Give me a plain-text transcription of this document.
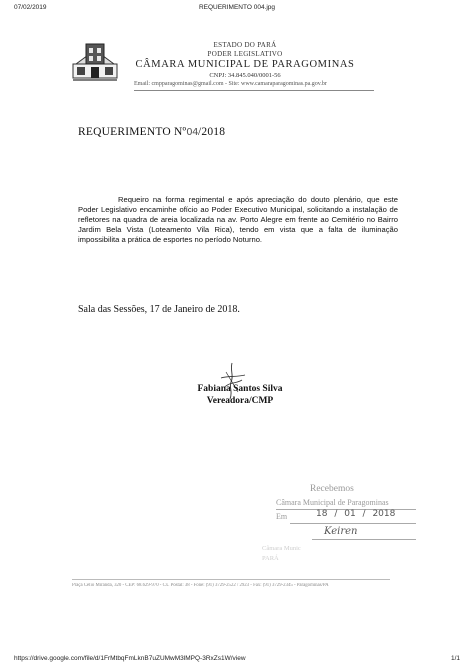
07/02/2019	REQUERIMENTO 004.jpg
ESTADO DO PARÁ
PODER LEGISLATIVO
CÂMARA MUNICIPAL DE PARAGOMINAS
CNPJ: 34.845.040/0001-56
Email: cmpparagominas@gmail.com - Site: www.camaraparagominas.pa.gov.br
REQUERIMENTO Nº04/2018

Requeiro na forma regimental e após apreciação do douto plenário, que este Poder Legislativo encaminhe ofício ao Poder Executivo Municipal, solicitando a instalação de refletores na quadra de areia localizada na av. Porto Alegre em frente ao Cemitério no Bairro Jardim Bela Vista (Loteamento Vila Rica), tendo em vista que a falta de iluminação impossibilita a prática de esportes no período Noturno.

Sala das Sessões, 17 de Janeiro de 2018.
Fabiana Santos Silva
Vereadora/CMP
Recebemos
Câmara Municipal de Paragominas
Em	18 / 01 / 2018
Keiren
Câmara Munic
PARÁ
Praça Célio Miranda, 320 - CEP: 68.629-970 - Cx. Postal: 38 - Fone: (91) 3729-2522 / 2923 - Fax: (91) 3729-2345 - Paragominas/PA
https://drive.google.com/file/d/1FrMtbqFmLknB7uZUMwM3lMPQ-3RxZs1W/view	1/1
